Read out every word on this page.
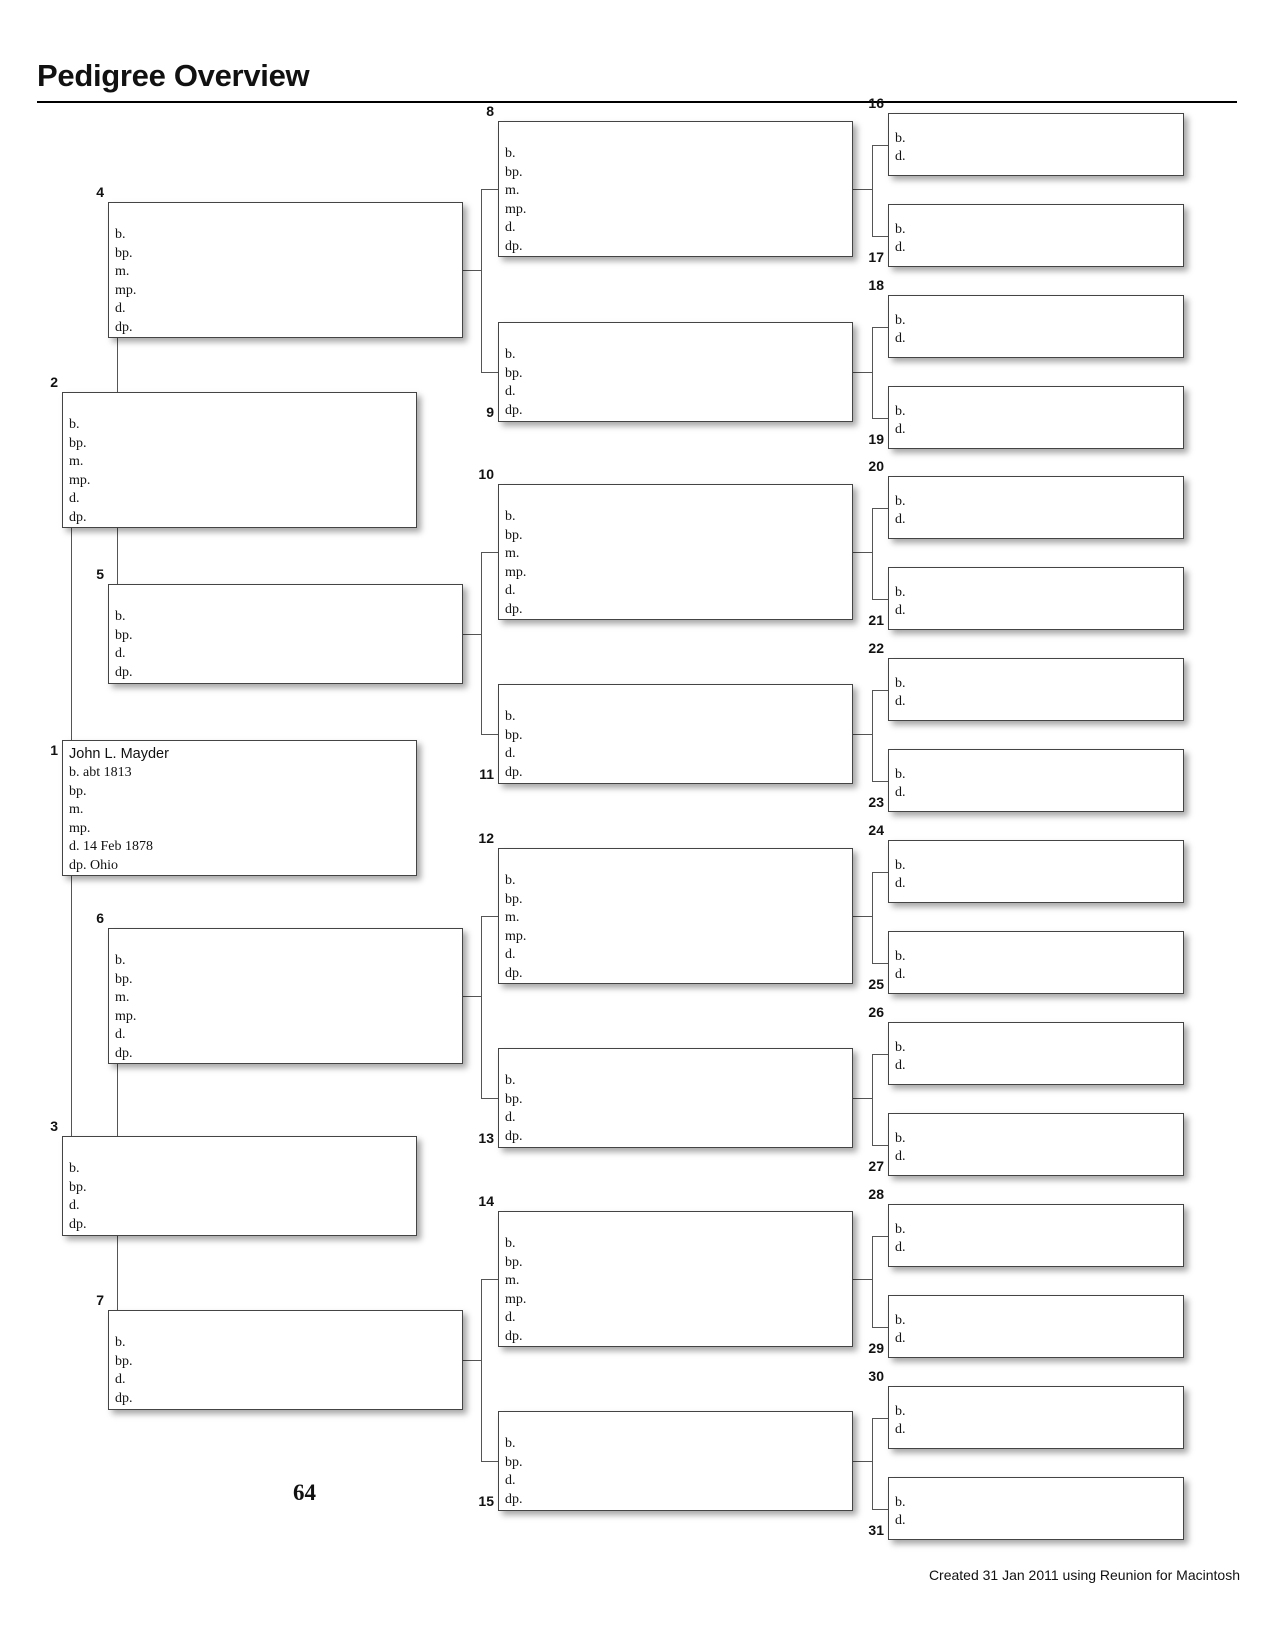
Pedigree Overview
John L. Mayder
b. abt 1813
bp.
m.
mp.
d. 14 Feb 1878
dp. Ohio
1
b.
bp.
m.
mp.
d.
dp.
2
b.
bp.
d.
dp.
3
b.
bp.
m.
mp.
d.
dp.
4
b.
bp.
d.
dp.
5
b.
bp.
m.
mp.
d.
dp.
6
b.
bp.
d.
dp.
7
b.
bp.
m.
mp.
d.
dp.
8
b.
bp.
d.
dp.
9
b.
bp.
m.
mp.
d.
dp.
10
b.
bp.
d.
dp.
11
b.
bp.
m.
mp.
d.
dp.
12
b.
bp.
d.
dp.
13
b.
bp.
m.
mp.
d.
dp.
14
b.
bp.
d.
dp.
15
b.
d.
16
b.
d.
17
b.
d.
18
b.
d.
19
b.
d.
20
b.
d.
21
b.
d.
22
b.
d.
23
b.
d.
24
b.
d.
25
b.
d.
26
b.
d.
27
b.
d.
28
b.
d.
29
b.
d.
30
b.
d.
31
64
Created 31 Jan 2011 using Reunion for Macintosh
